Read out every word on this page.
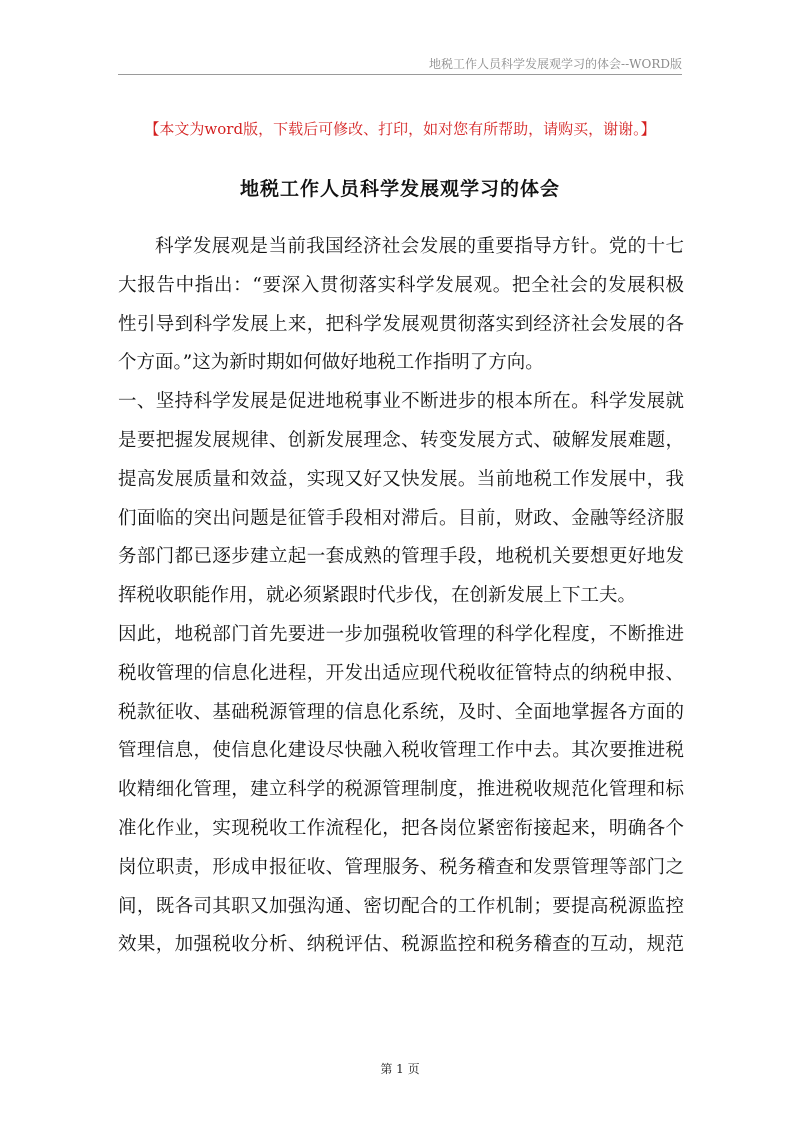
地税工作人员科学发展观学习的体会--WORD版
【本文为word版，下载后可修改、打印，如对您有所帮助，请购买，谢谢。】
地税工作人员科学发展观学习的体会
科学发展观是当前我国经济社会发展的重要指导方针。党的十七
大报告中指出：“要深入贯彻落实科学发展观。把全社会的发展积极
性引导到科学发展上来，把科学发展观贯彻落实到经济社会发展的各
个方面。”这为新时期如何做好地税工作指明了方向。
一、坚持科学发展是促进地税事业不断进步的根本所在。科学发展就
是要把握发展规律、创新发展理念、转变发展方式、破解发展难题，
提高发展质量和效益，实现又好又快发展。当前地税工作发展中，我
们面临的突出问题是征管手段相对滞后。目前，财政、金融等经济服
务部门都已逐步建立起一套成熟的管理手段，地税机关要想更好地发
挥税收职能作用，就必须紧跟时代步伐，在创新发展上下工夫。
因此，地税部门首先要进一步加强税收管理的科学化程度，不断推进
税收管理的信息化进程，开发出适应现代税收征管特点的纳税申报、
税款征收、基础税源管理的信息化系统，及时、全面地掌握各方面的
管理信息，使信息化建设尽快融入税收管理工作中去。其次要推进税
收精细化管理，建立科学的税源管理制度，推进税收规范化管理和标
准化作业，实现税收工作流程化，把各岗位紧密衔接起来，明确各个
岗位职责，形成申报征收、管理服务、税务稽查和发票管理等部门之
间，既各司其职又加强沟通、密切配合的工作机制；要提高税源监控
效果，加强税收分析、纳税评估、税源监控和税务稽查的互动，规范
第 1 页
